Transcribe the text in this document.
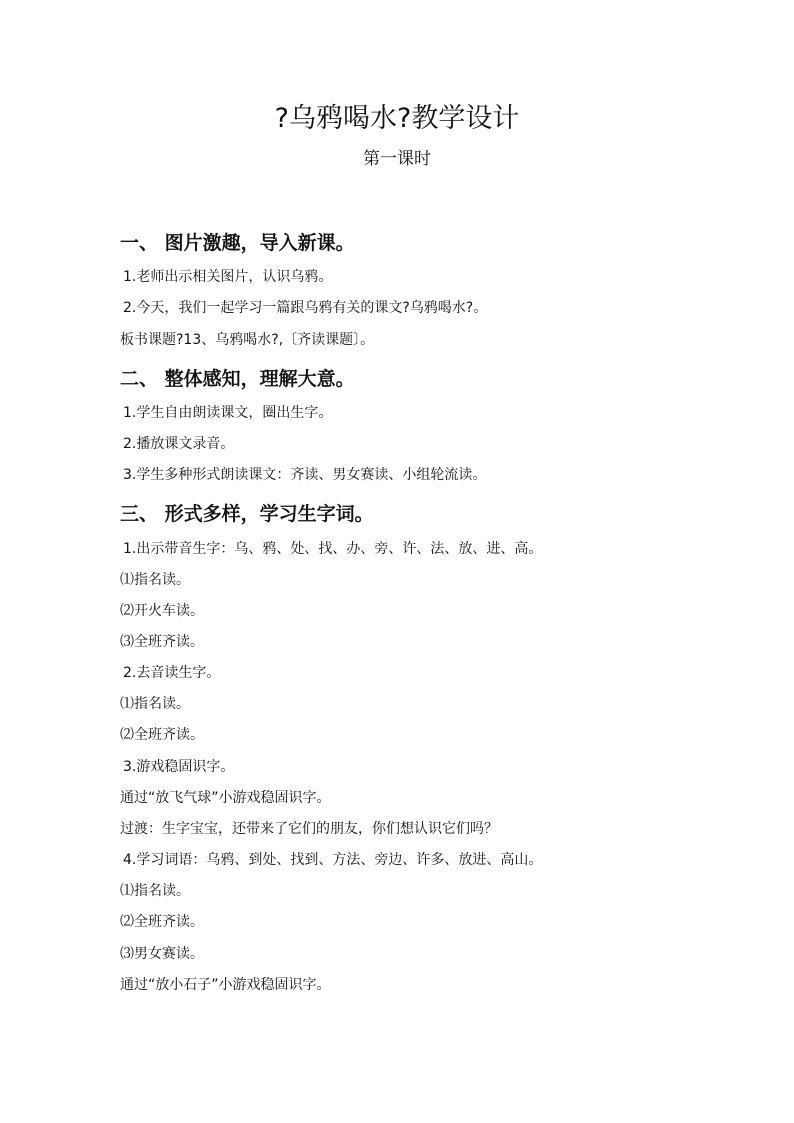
?乌鸦喝水?教学设计
第一课时
一、 图片激趣，导入新课。
1.老师出示相关图片，认识乌鸦。
2.今天，我们一起学习一篇跟乌鸦有关的课文?乌鸦喝水?。
板书课题?13、乌鸦喝水?,〔齐读课题〕。
二、 整体感知，理解大意。
1.学生自由朗读课文，圈出生字。
2.播放课文录音。
3.学生多种形式朗读课文：齐读、男女赛读、小组轮流读。
三、 形式多样，学习生字词。
1.出示带音生字：乌、鸦、处、找、办、旁、许、法、放、进、高。
⑴指名读。
⑵开火车读。
⑶全班齐读。
2.去音读生字。
⑴指名读。
⑵全班齐读。
3.游戏稳固识字。
通过“放飞气球”小游戏稳固识字。
过渡：生字宝宝，还带来了它们的朋友，你们想认识它们吗？
4.学习词语：乌鸦、到处、找到、方法、旁边、许多、放进、高山。
⑴指名读。
⑵全班齐读。
⑶男女赛读。
通过“放小石子”小游戏稳固识字。
